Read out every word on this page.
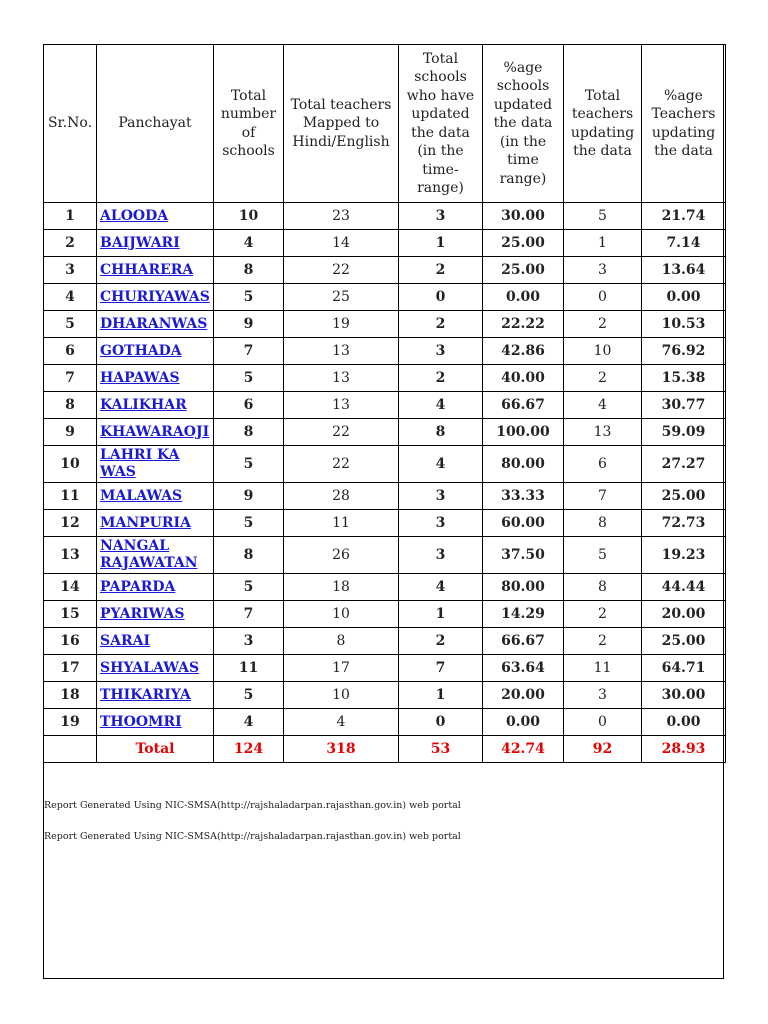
Sr.No.	Panchayat	Total number of schools	Total teachers Mapped to Hindi/English	Total schools who have updated the data (in the time-range)	%age schools updated the data (in the time range)	Total teachers updating the data	%age Teachers updating the data
1	ALOODA	10	23	3	30.00	5	21.74
2	BAIJWARI	4	14	1	25.00	1	7.14
3	CHHARERA	8	22	2	25.00	3	13.64
4	CHURIYAWAS	5	25	0	0.00	0	0.00
5	DHARANWAS	9	19	2	22.22	2	10.53
6	GOTHADA	7	13	3	42.86	10	76.92
7	HAPAWAS	5	13	2	40.00	2	15.38
8	KALIKHAR	6	13	4	66.67	4	30.77
9	KHAWARAOJI	8	22	8	100.00	13	59.09
10	LAHRI KA WAS	5	22	4	80.00	6	27.27
11	MALAWAS	9	28	3	33.33	7	25.00
12	MANPURIA	5	11	3	60.00	8	72.73
13	NANGAL RAJAWATAN	8	26	3	37.50	5	19.23
14	PAPARDA	5	18	4	80.00	8	44.44
15	PYARIWAS	7	10	1	14.29	2	20.00
16	SARAI	3	8	2	66.67	2	25.00
17	SHYALAWAS	11	17	7	63.64	11	64.71
18	THIKARIYA	5	10	1	20.00	3	30.00
19	THOOMRI	4	4	0	0.00	0	0.00
	Total	124	318	53	42.74	92	28.93
Report Generated Using NIC-SMSA(http://rajshaladarpan.rajasthan.gov.in) web portal
Report Generated Using NIC-SMSA(http://rajshaladarpan.rajasthan.gov.in) web portal
